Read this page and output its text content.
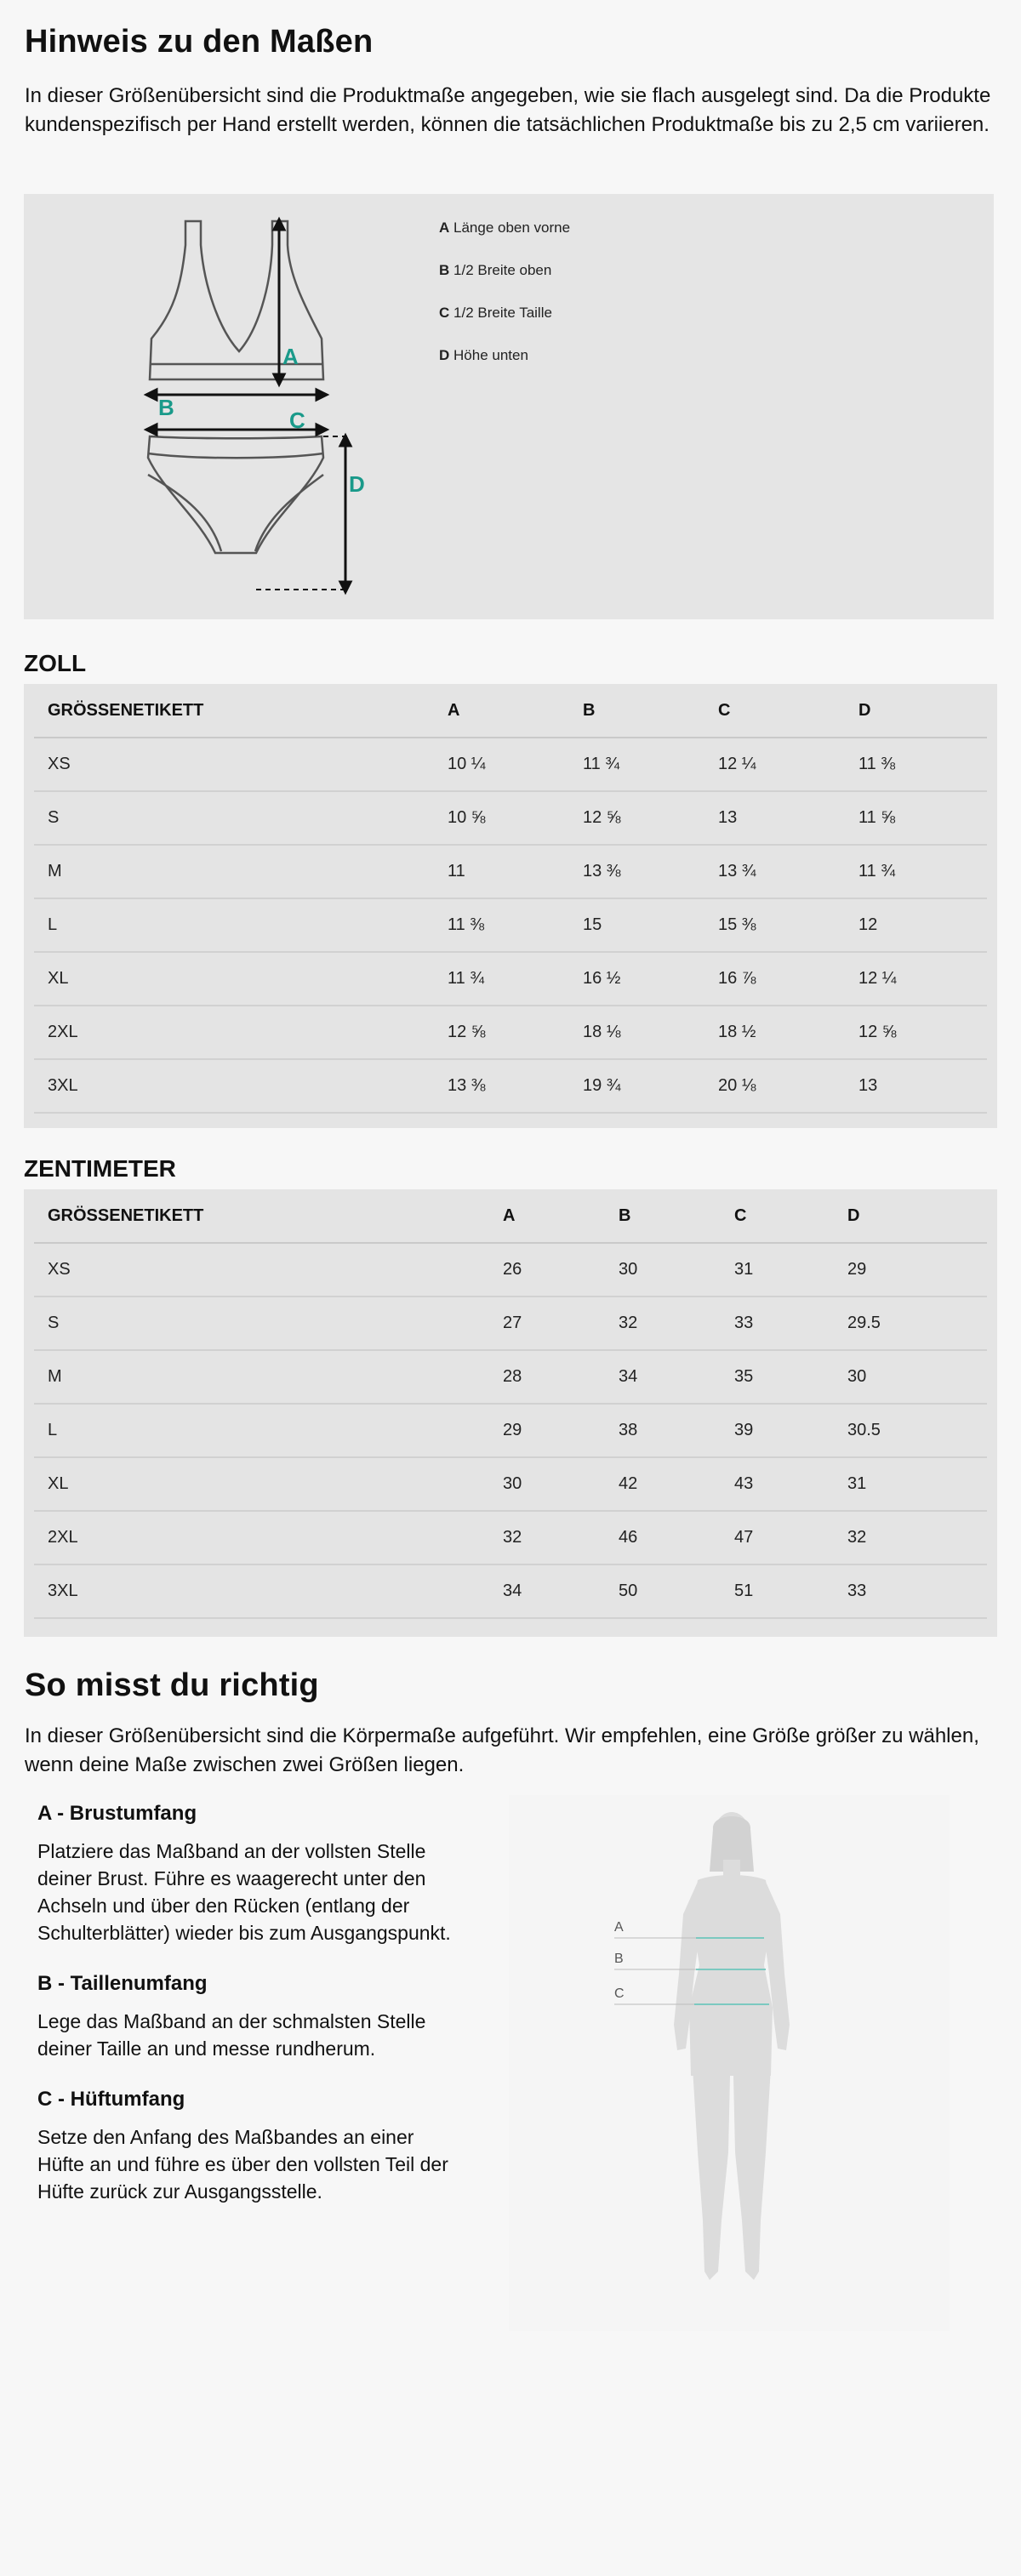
Hinweis zu den Maßen

In dieser Größenübersicht sind die Produktmaße angegeben, wie sie flach ausgelegt sind. Da die Produkte kundenspezifisch per Hand erstellt werden, können die tatsächlichen Produktmaße bis zu 2,5 cm variieren.

A
B	C
D
A Länge oben vorne
B 1/2 Breite oben
C 1/2 Breite Taille
D Höhe unten
ZOLL
GRÖSSENETIKETT	A	B	C	D
XS	10 ¼	11 ¾	12 ¼	11 ⅜
S	10 ⅝	12 ⅝	13	11 ⅝
M	11	13 ⅜	13 ¾	11 ¾
L	11 ⅜	15	15 ⅜	12
XL	11 ¾	16 ½	16 ⅞	12 ¼
2XL	12 ⅝	18 ⅛	18 ½	12 ⅝
3XL	13 ⅜	19 ¾	20 ⅛	13
ZENTIMETER
GRÖSSENETIKETT	A	B	C	D
XS	26	30	31	29
S	27	32	33	29.5
M	28	34	35	30
L	29	38	39	30.5
XL	30	42	43	31
2XL	32	46	47	32
3XL	34	50	51	33
So misst du richtig

In dieser Größenübersicht sind die Körpermaße aufgeführt. Wir empfehlen, eine Größe größer zu wählen, wenn deine Maße zwischen zwei Größen liegen.

A - Brustumfang

Platziere das Maßband an der vollsten Stelle deiner Brust. Führe es waagerecht unter den Achseln und über den Rücken (entlang der Schulterblätter) wieder bis zum Ausgangspunkt.

B - Taillenumfang

Lege das Maßband an der schmalsten Stelle deiner Taille an und messe rundherum.

C - Hüftumfang

Setze den Anfang des Maßbandes an einer Hüfte an und führe es über den vollsten Teil der Hüfte zurück zur Ausgangsstelle.

A
B
C
